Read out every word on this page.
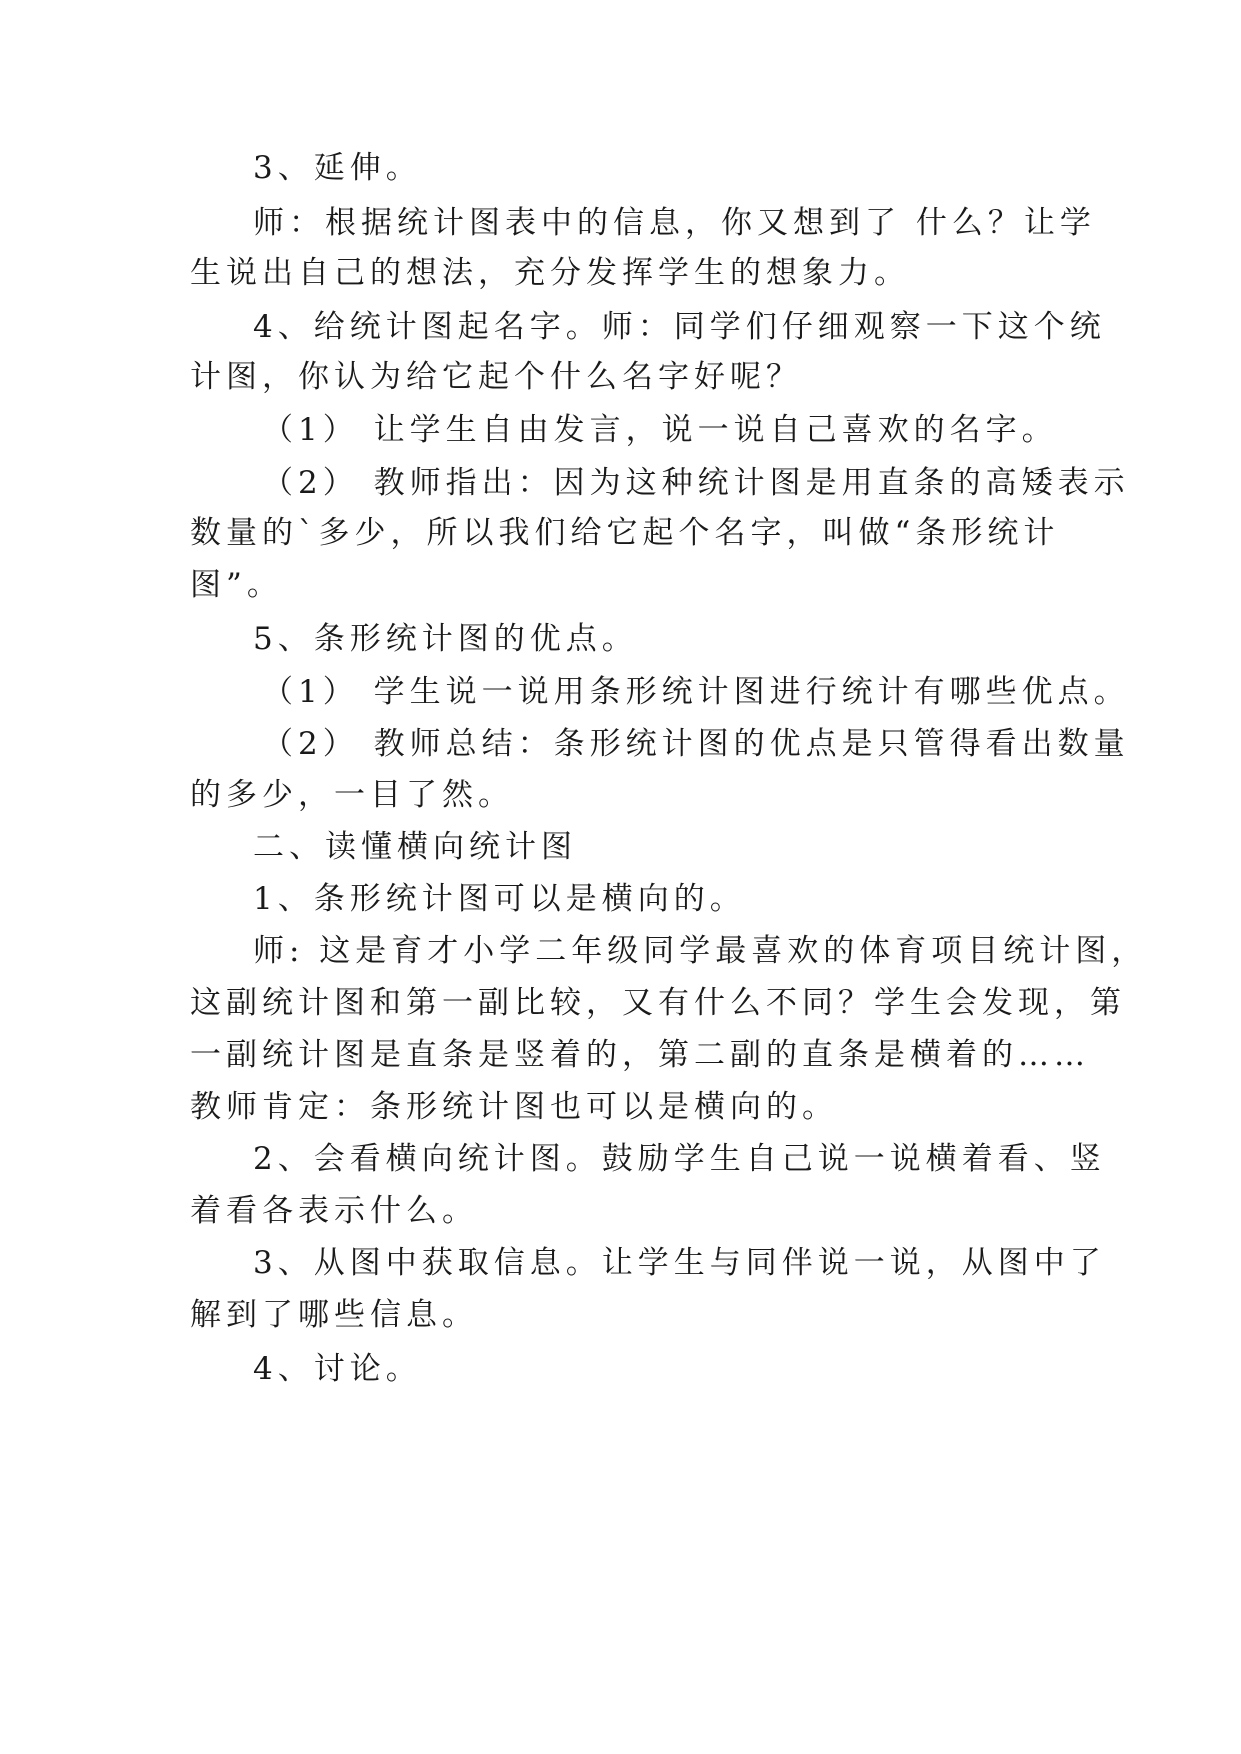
3、延伸。
师：根据统计图表中的信息，你又想到了 什么？让学
生说出自己的想法，充分发挥学生的想象力。
4、给统计图起名字。师：同学们仔细观察一下这个统
计图，你认为给它起个什么名字好呢？
（1） 让学生自由发言，说一说自己喜欢的名字。
（2） 教师指出：因为这种统计图是用直条的高矮表示
数量的`多少，所以我们给它起个名字，叫做“条形统计
图”。
5、条形统计图的优点。
（1） 学生说一说用条形统计图进行统计有哪些优点。
（2） 教师总结：条形统计图的优点是只管得看出数量
的多少，一目了然。
二、读懂横向统计图
1、条形统计图可以是横向的。
师: 这是育才小学二年级同学最喜欢的体育项目统计图，
这副统计图和第一副比较，又有什么不同？学生会发现，第
一副统计图是直条是竖着的，第二副的直条是横着的……
教师肯定：条形统计图也可以是横向的。
2、会看横向统计图。鼓励学生自己说一说横着看、竖
着看各表示什么。
3、从图中获取信息。让学生与同伴说一说，从图中了
解到了哪些信息。
4、讨论。
